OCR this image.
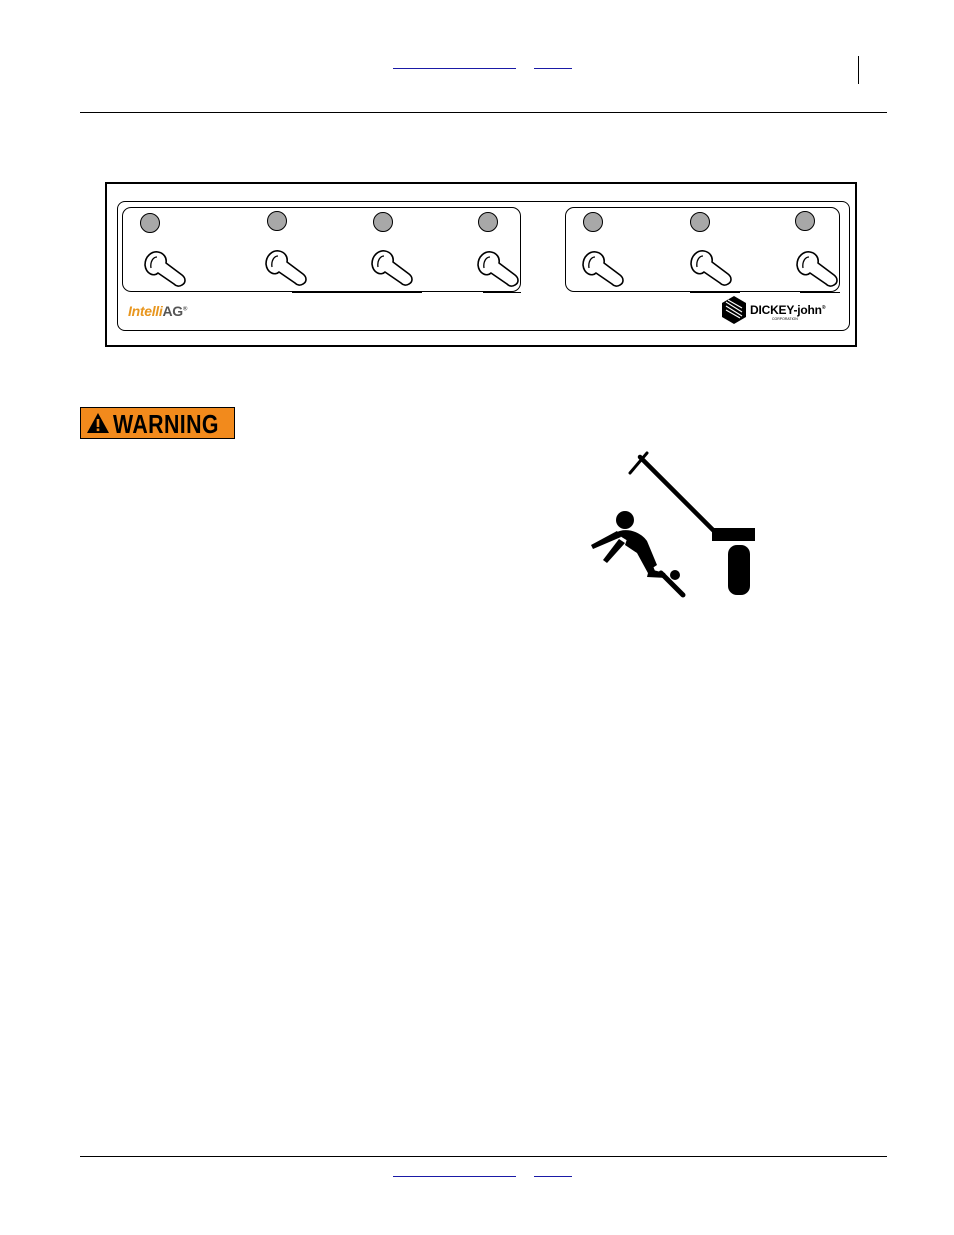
IntelliAG®	DICKEY-john®
CORPORATION
WARNING
